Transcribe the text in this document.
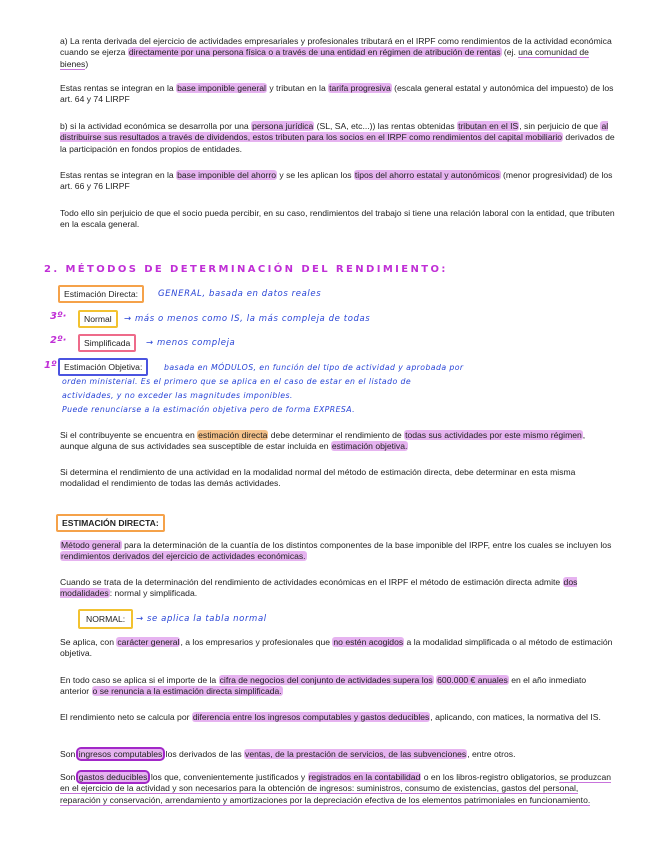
a) La renta derivada del ejercicio de actividades empresariales y profesionales tributará en el IRPF como rendimientos de la actividad económica cuando se ejerza directamente por una persona física o a través de una entidad en régimen de atribución de rentas (ej. una comunidad de bienes)

Estas rentas se integran en la base imponible general y tributan en la tarifa progresiva (escala general estatal y autonómica del impuesto) de los art. 64 y 74 LIRPF

b) si la actividad económica se desarrolla por una persona jurídica (SL, SA, etc...)) las rentas obtenidas tributan en el IS, sin perjuicio de que al distribuirse sus resultados a través de dividendos, estos tributen para los socios en el IRPF como rendimientos del capital mobiliario derivados de la participación en fondos propios de entidades.

Estas rentas se integran en la base imponible del ahorro y se les aplican los tipos del ahorro estatal y autonómicos (menor progresividad) de los art. 66 y 76 LIRPF

Todo ello sin perjuicio de que el socio pueda percibir, en su caso, rendimientos del trabajo si tiene una relación laboral con la entidad, que tributen en la escala general.

2. MÉTODOS DE DETERMINACIÓN DEL RENDIMIENTO:
Estimación Directa:	GENERAL, basada en datos reales
3º·	Normal	→ más o menos como IS, la más compleja de todas
2º·	Simplificada	→ menos compleja
1º Estimación Objetiva:	basada en MÓDULOS, en función del tipo de actividad y aprobada por
orden ministerial. Es el primero que se aplica en el caso de estar en el listado de
actividades, y no exceder las magnitudes imponibles.
Puede renunciarse a la estimación objetiva pero de forma EXPRESA.

Si el contribuyente se encuentra en estimación directa debe determinar el rendimiento de todas sus actividades por este mismo régimen, aunque alguna de sus actividades sea susceptible de estar incluida en estimación objetiva.

Si determina el rendimiento de una actividad en la modalidad normal del método de estimación directa, debe determinar en esta misma modalidad el rendimiento de todas las demás actividades.

ESTIMACIÓN DIRECTA:

Método general para la determinación de la cuantía de los distintos componentes de la base imponible del IRPF, entre los cuales se incluyen los rendimientos derivados del ejercicio de actividades económicas.

Cuando se trata de la determinación del rendimiento de actividades económicas en el IRPF el método de estimación directa admite dos modalidades: normal y simplificada.

NORMAL:	→ se aplica la tabla normal

Se aplica, con carácter general, a los empresarios y profesionales que no estén acogidos a la modalidad simplificada o al método de estimación objetiva.

En todo caso se aplica si el importe de la cifra de negocios del conjunto de actividades supera los 600.000 € anuales en el año inmediato anterior o se renuncia a la estimación directa simplificada.

El rendimiento neto se calcula por diferencia entre los ingresos computables y gastos deducibles, aplicando, con matices, la normativa del IS.

Son ingresos computables los derivados de las ventas, de la prestación de servicios, de las subvenciones, entre otros.

Son gastos deducibles los que, convenientemente justificados y registrados en la contabilidad o en los libros-registro obligatorios, se produzcan en el ejercicio de la actividad y son necesarios para la obtención de ingresos: suministros, consumo de existencias, gastos del personal, reparación y conservación, arrendamiento y amortizaciones por la depreciación efectiva de los elementos patrimoniales en funcionamiento.
